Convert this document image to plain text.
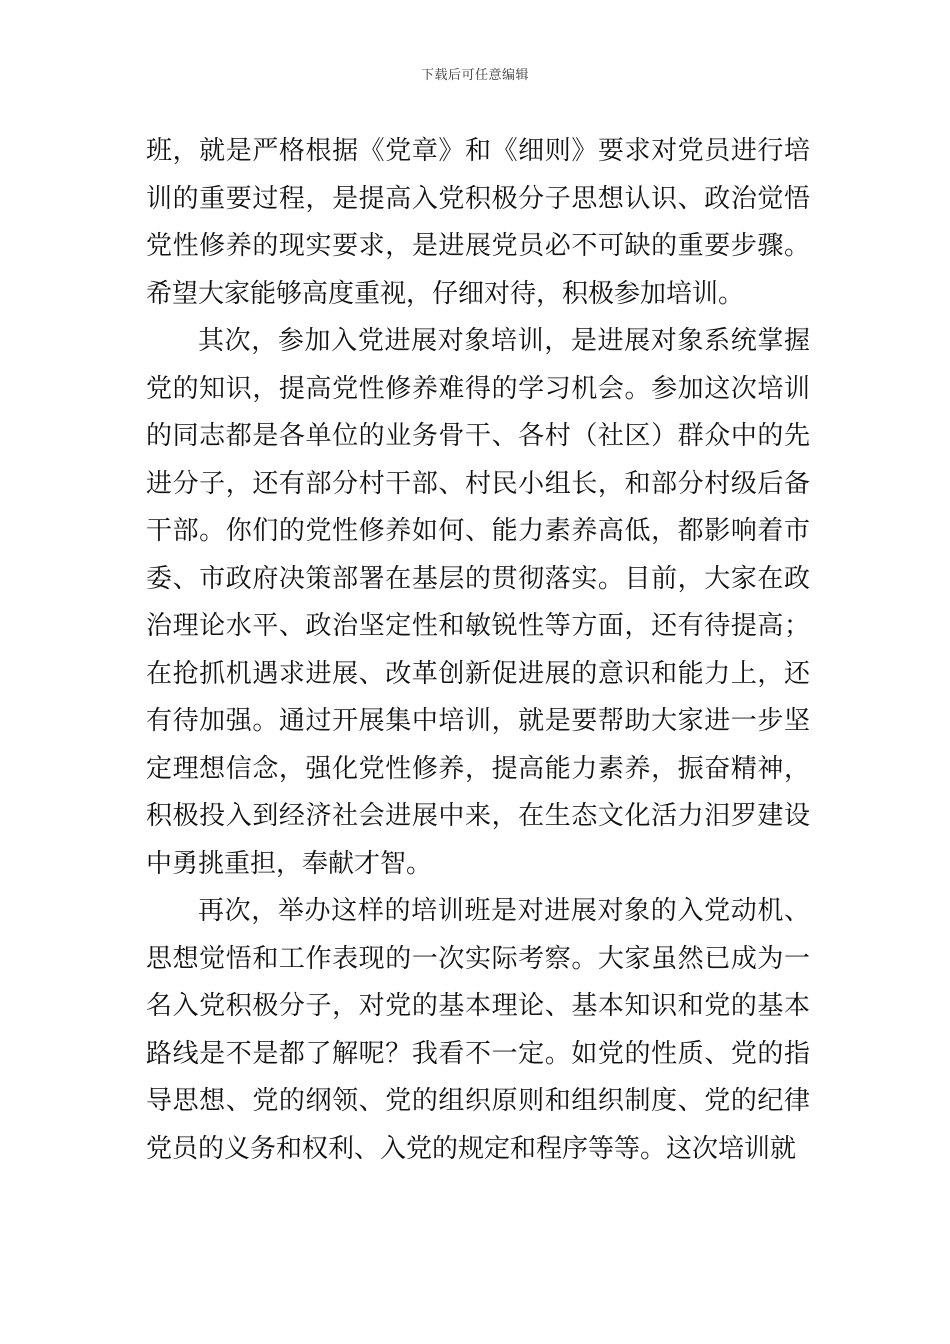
下载后可任意编辑

班，就是严格根据《党章》和《细则》要求对党员进行培训的重要过程，是提高入党积极分子思想认识、政治觉悟党性修养的现实要求，是进展党员必不可缺的重要步骤。希望大家能够高度重视，仔细对待，积极参加培训。

其次，参加入党进展对象培训，是进展对象系统掌握党的知识，提高党性修养难得的学习机会。参加这次培训的同志都是各单位的业务骨干、各村（社区）群众中的先进分子，还有部分村干部、村民小组长，和部分村级后备干部。你们的党性修养如何、能力素养高低，都影响着市委、市政府决策部署在基层的贯彻落实。目前，大家在政治理论水平、政治坚定性和敏锐性等方面，还有待提高；在抢抓机遇求进展、改革创新促进展的意识和能力上，还有待加强。通过开展集中培训，就是要帮助大家进一步坚定理想信念，强化党性修养，提高能力素养，振奋精神，积极投入到经济社会进展中来，在生态文化活力汨罗建设中勇挑重担，奉献才智。

再次，举办这样的培训班是对进展对象的入党动机、思想觉悟和工作表现的一次实际考察。大家虽然已成为一名入党积极分子，对党的基本理论、基本知识和党的基本路线是不是都了解呢？我看不一定。如党的性质、党的指导思想、党的纲领、党的组织原则和组织制度、党的纪律党员的义务和权利、入党的规定和程序等等。这次培训就
